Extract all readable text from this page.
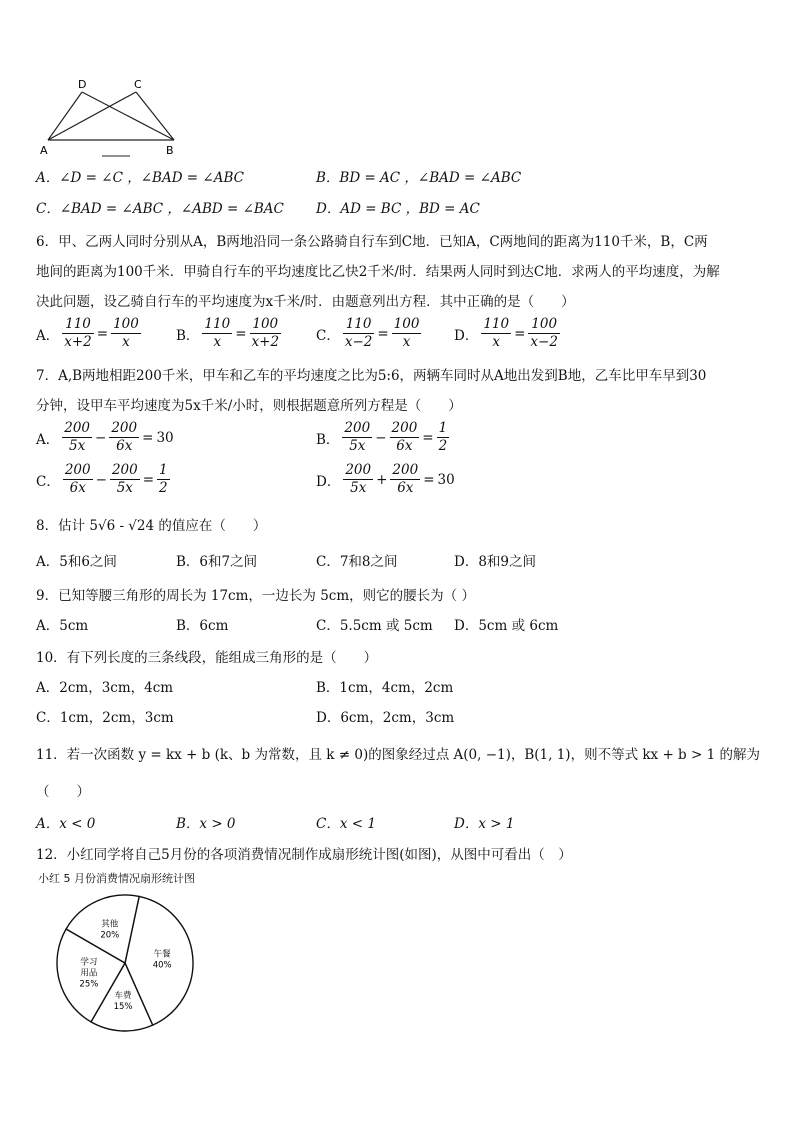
D	C
A	B
A．∠D = ∠C ，∠BAD = ∠ABC	B．BD = AC ，∠BAD = ∠ABC
C．∠BAD = ∠ABC ，∠ABD = ∠BAC D．AD = BC ，BD = AC
6．甲、乙两人同时分别从A，B两地沿同一条公路骑自行车到C地．已知A，C两地间的距离为110千米，B，C两
地间的距离为100千米．甲骑自行车的平均速度比乙快2千米/时．结果两人同时到达C地．求两人的平均速度，为解
决此问题，设乙骑自行车的平均速度为x千米/时．由题意列出方程．其中正确的是（　　）
7．A,B两地相距200千米，甲车和乙车的平均速度之比为5:6，两辆车同时从A地出发到B地，乙车比甲车早到30
分钟，设甲车平均速度为5x千米/小时，则根据题意所列方程是（　　）
8．估计 5√6 - √24 的值应在（　　）
A．5和6之间	B．6和7之间	C．7和8之间	D．8和9之间
9．已知等腰三角形的周长为 17cm，一边长为 5cm，则它的腰长为（ ）
A．5cm	B．6cm	C．5.5cm 或 5cm D．5cm 或 6cm
10．有下列长度的三条线段，能组成三角形的是（　　）
A．2cm，3cm，4cm	B．1cm，4cm，2cm
C．1cm，2cm，3cm	D．6cm，2cm，3cm
11．若一次函数 y = kx + b (k、b 为常数，且 k ≠ 0)的图象经过点 A(0, −1)，B(1, 1)，则不等式 kx + b > 1 的解为
（　　）
A．x < 0	B．x > 0	C．x < 1	D．x > 1
12．小红同学将自己5月份的各项消费情况制作成扇形统计图(如图)，从图中可看出（　）
小红 5 月份消费情况扇形统计图
午餐
40%
车费
15%
学习
用品
25%
其他
20%
A． $\frac{110}{x+2} = \frac{100}{x}$	B． $\frac{110}{x} = \frac{100}{x+2}$	C． $\frac{110}{x-2} = \frac{100}{x}$ D． $\frac{110}{x} = \frac{100}{x-2}$
A． $\frac{200}{5x} - \frac{200}{6x} = 30$	B． $\frac{200}{5x} - \frac{200}{6x} = \frac{1}{2}$
C． $\frac{200}{6x} - \frac{200}{5x} = \frac{1}{2}$	D． $\frac{200}{5x} + \frac{200}{6x} = 30$
